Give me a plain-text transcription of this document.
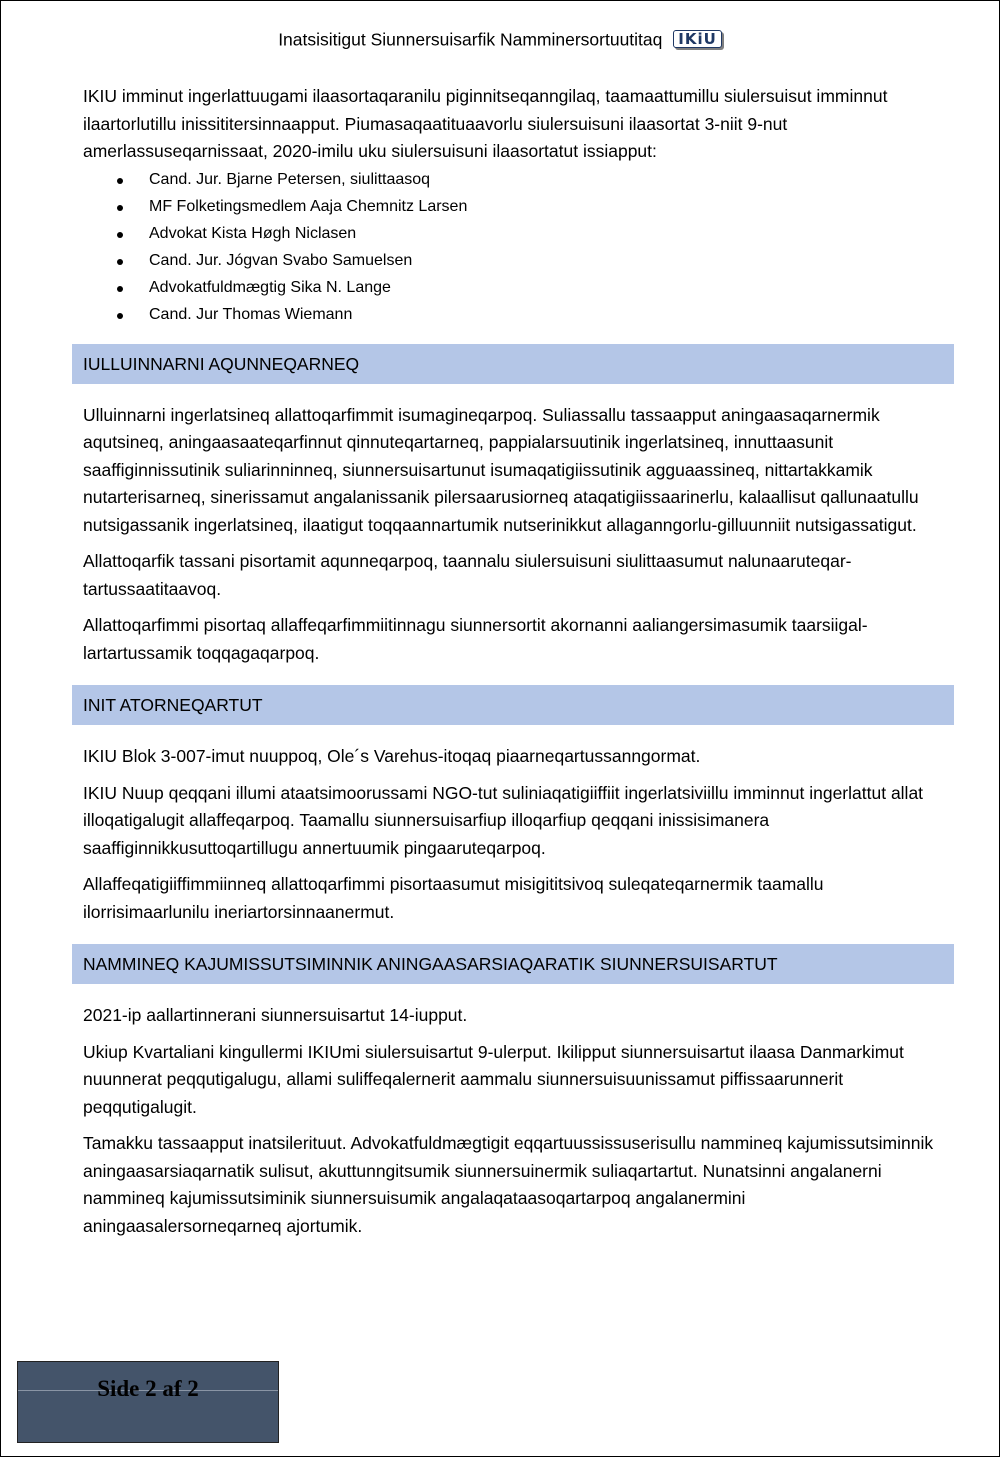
Inatsisitigut Siunnersuisarfik Namminersortuutitaq IKiU

IKIU imminut ingerlattuugami ilaasortaqaranilu piginnitseqanngilaq, taamaattumillu siulersuisut imminnut ilaartorlutillu inissititersinnaapput. Piumasaqaatituaavorlu siulersuisuni ilaasortat 3-niit 9-nut amerlassuseqarnissaat, 2020-imilu uku siulersuisuni ilaasortatut issiapput:

Cand. Jur. Bjarne Petersen, siulittaasoq
MF Folketingsmedlem Aaja Chemnitz Larsen
Advokat Kista Høgh Niclasen
Cand. Jur. Jógvan Svabo Samuelsen
Advokatfuldmægtig Sika N. Lange
Cand. Jur Thomas Wiemann
IULLUINNARNI AQUNNEQARNEQ

Ulluinnarni ingerlatsineq allattoqarfimmit isumagineqarpoq. Suliassallu tassaapput aningaasaqarnermik aqutsineq, aningaasaateqarfinnut qinnuteqartarneq, pappialarsuutinik ingerlatsineq, innuttaasunit saaffiginnissutinik suliarinninneq, siunnersuisartunut isumaqatigiissutinik agguaassineq, nittartakkamik nutarterisarneq, sinerissamut angalanissanik pilersaarusiorneq ataqatigiissaarinerlu, kalaallisut qallunaatullu nutsigassanik ingerlatsineq, ilaatigut toqqaannartumik nutserinikkut allaganngorlu-gilluunniit nutsigassatigut.

Allattoqarfik tassani pisortamit aqunneqarpoq, taannalu siulersuisuni siulittaasumut nalunaaruteqar-tartussaatitaavoq.

Allattoqarfimmi pisortaq allaffeqarfimmiitinnagu siunnersortit akornanni aaliangersimasumik taarsiigal-lartartussamik toqqagaqarpoq.

INIT ATORNEQARTUT

IKIU Blok 3-007-imut nuuppoq, Ole´s Varehus-itoqaq piaarneqartussanngormat.

IKIU Nuup qeqqani illumi ataatsimoorussami NGO-tut suliniaqatigiiffiit ingerlatsiviillu imminnut ingerlattut allat illoqatigalugit allaffeqarpoq. Taamallu siunnersuisarfiup illoqarfiup qeqqani inissisimanera saaffiginnikkusuttoqartillugu annertuumik pingaaruteqarpoq.

Allaffeqatigiiffimmiinneq allattoqarfimmi pisortaasumut misigititsivoq suleqateqarnermik taamallu ilorrisimaarlunilu ineriartorsinnaanermut.

NAMMINEQ KAJUMISSUTSIMINNIK ANINGAASARSIAQARATIK SIUNNERSUISARTUT

2021-ip aallartinnerani siunnersuisartut 14-iupput.

Ukiup Kvartaliani kingullermi IKIUmi siulersuisartut 9-ulerput. Ikilipput siunnersuisartut ilaasa Danmarkimut nuunnerat peqqutigalugu, allami suliffeqalernerit aammalu siunnersuisuunissamut piffissaarunnerit peqqutigalugit.

Tamakku tassaapput inatsilerituut. Advokatfuldmægtigit eqqartuussissuserisullu nammineq kajumissutsiminnik aningaasarsiaqarnatik sulisut, akuttunngitsumik siunnersuinermik suliaqartartut. Nunatsinni angalanerni nammineq kajumissutsiminik siunnersuisumik angalaqataasoqartarpoq angalanermini aningaasalersorneqarneq ajortumik.

Side 2 af 2
